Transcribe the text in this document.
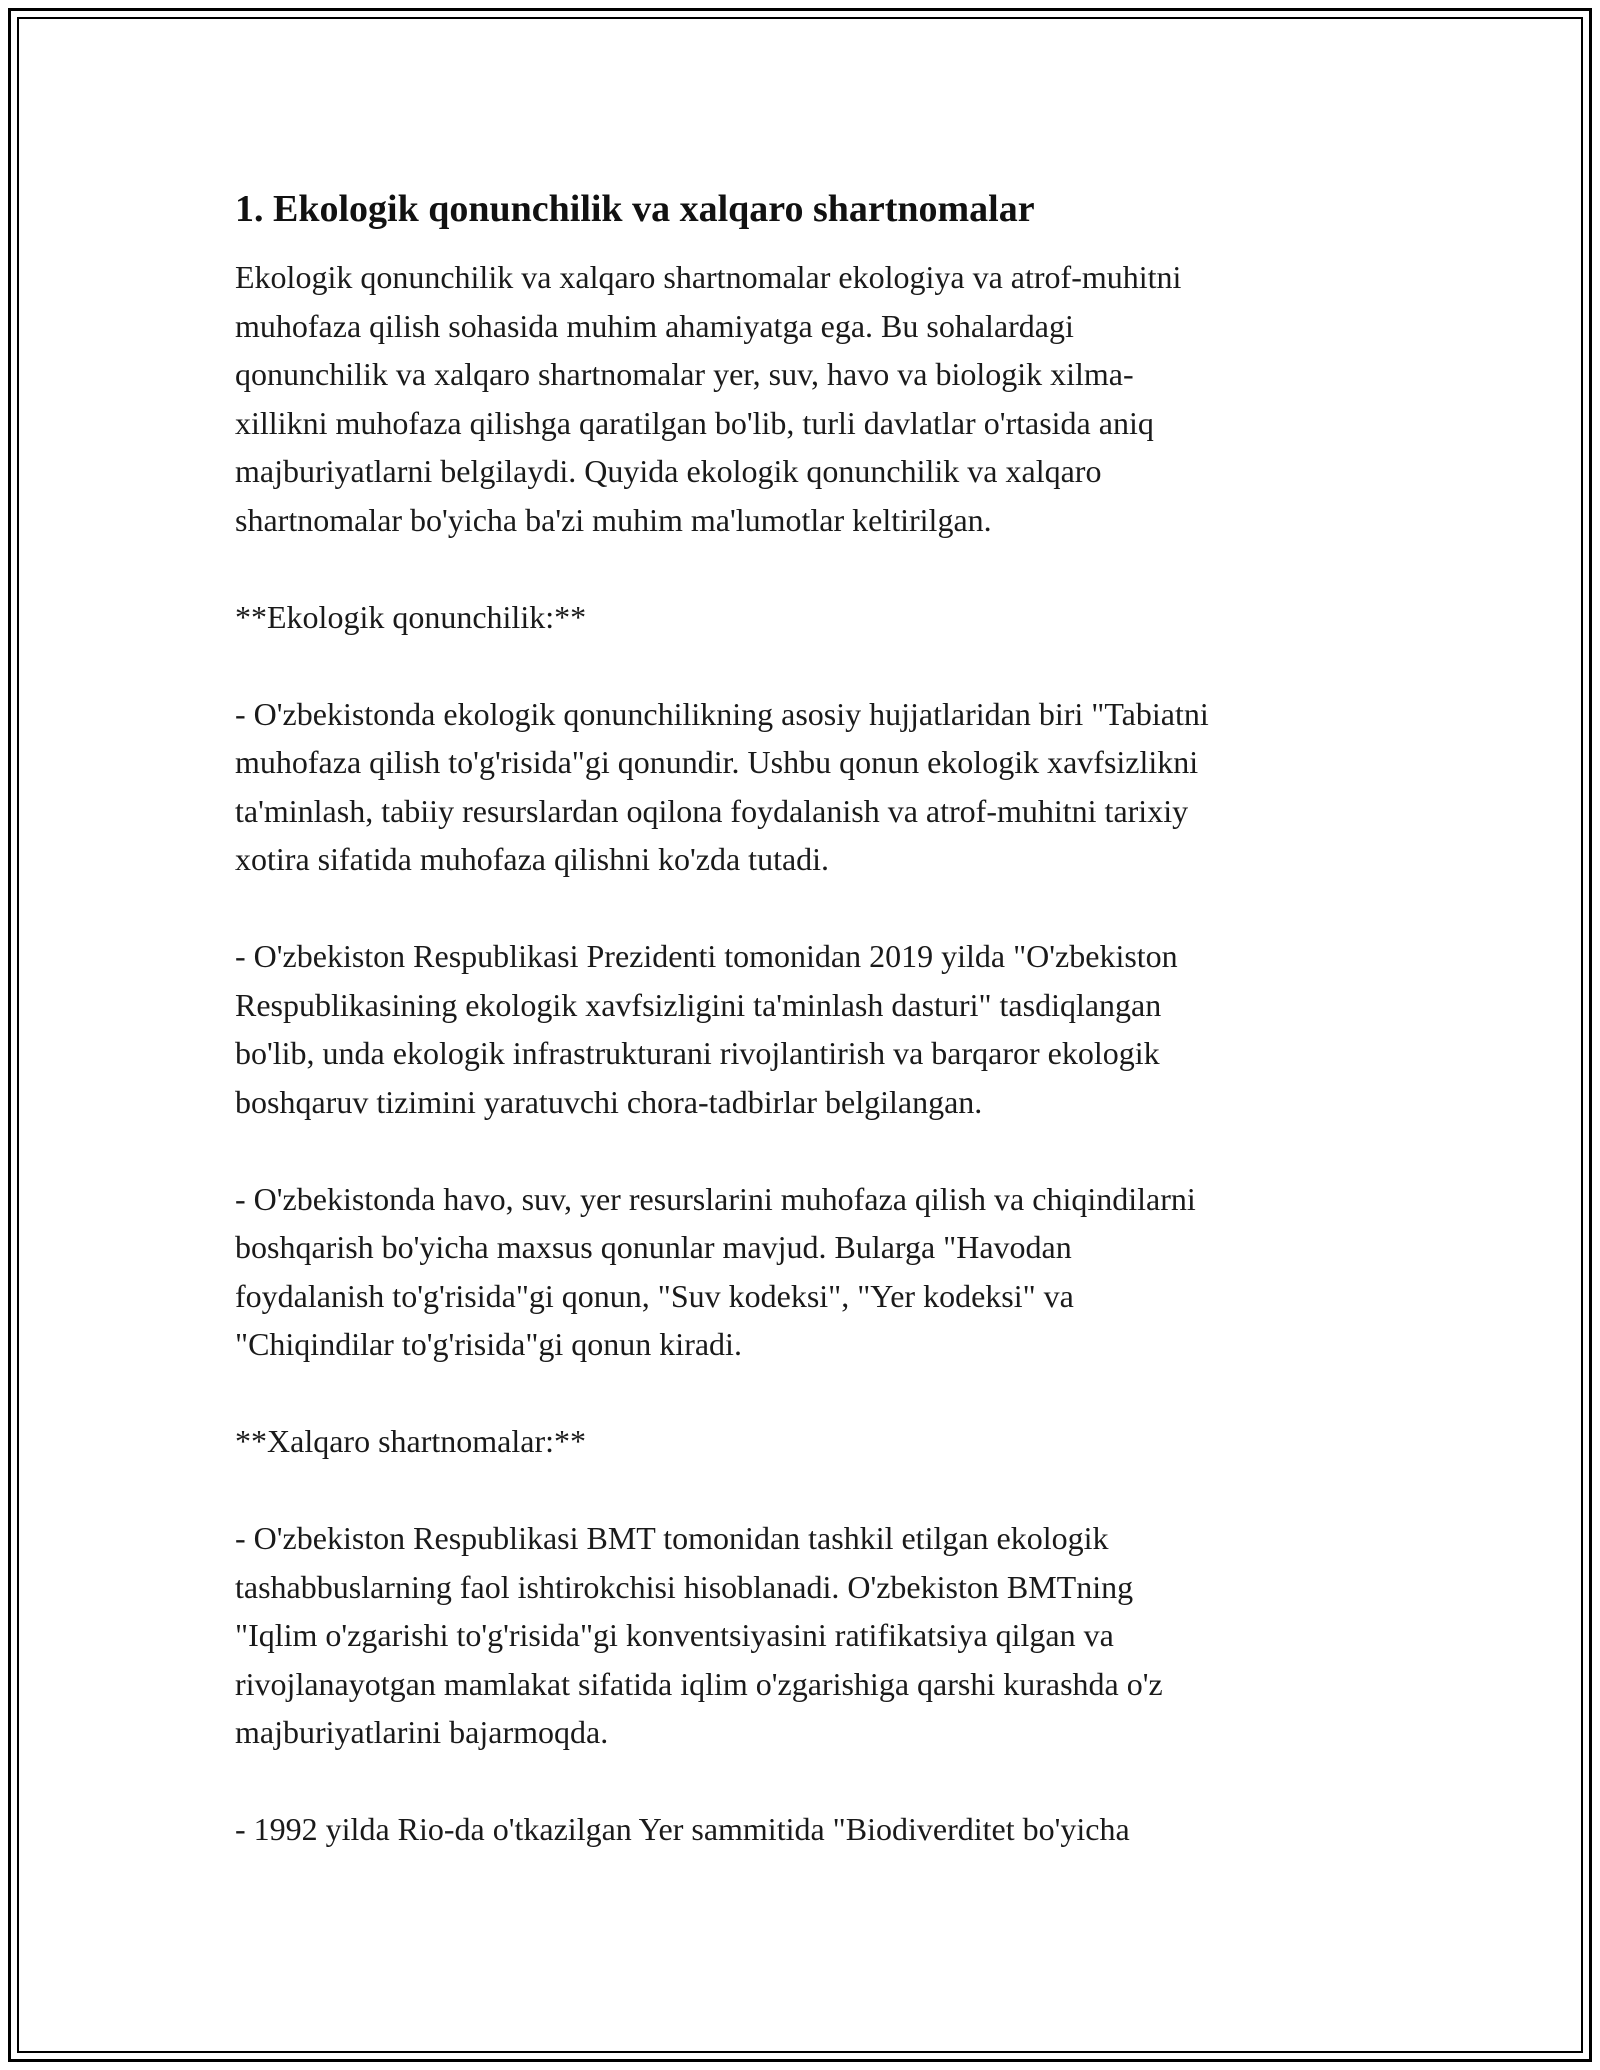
1. Ekologik qonunchilik va xalqaro shartnomalar

Ekologik qonunchilik va xalqaro shartnomalar ekologiya va atrof-muhitni
muhofaza qilish sohasida muhim ahamiyatga ega. Bu sohalardagi
qonunchilik va xalqaro shartnomalar yer, suv, havo va biologik xilma-
xillikni muhofaza qilishga qaratilgan bo'lib, turli davlatlar o'rtasida aniq
majburiyatlarni belgilaydi. Quyida ekologik qonunchilik va xalqaro
shartnomalar bo'yicha ba'zi muhim ma'lumotlar keltirilgan.

**Ekologik qonunchilik:**

- O'zbekistonda ekologik qonunchilikning asosiy hujjatlaridan biri "Tabiatni
muhofaza qilish to'g'risida"gi qonundir. Ushbu qonun ekologik xavfsizlikni
ta'minlash, tabiiy resurslardan oqilona foydalanish va atrof-muhitni tarixiy
xotira sifatida muhofaza qilishni ko'zda tutadi.

- O'zbekiston Respublikasi Prezidenti tomonidan 2019 yilda "O'zbekiston
Respublikasining ekologik xavfsizligini ta'minlash dasturi" tasdiqlangan
bo'lib, unda ekologik infrastrukturani rivojlantirish va barqaror ekologik
boshqaruv tizimini yaratuvchi chora-tadbirlar belgilangan.

- O'zbekistonda havo, suv, yer resurslarini muhofaza qilish va chiqindilarni
boshqarish bo'yicha maxsus qonunlar mavjud. Bularga "Havodan
foydalanish to'g'risida"gi qonun, "Suv kodeksi", "Yer kodeksi" va
"Chiqindilar to'g'risida"gi qonun kiradi.

**Xalqaro shartnomalar:**

- O'zbekiston Respublikasi BMT tomonidan tashkil etilgan ekologik
tashabbuslarning faol ishtirokchisi hisoblanadi. O'zbekiston BMTning
"Iqlim o'zgarishi to'g'risida"gi konventsiyasini ratifikatsiya qilgan va
rivojlanayotgan mamlakat sifatida iqlim o'zgarishiga qarshi kurashda o'z
majburiyatlarini bajarmoqda.

- 1992 yilda Rio-da o'tkazilgan Yer sammitida "Biodiverditet bo'yicha
